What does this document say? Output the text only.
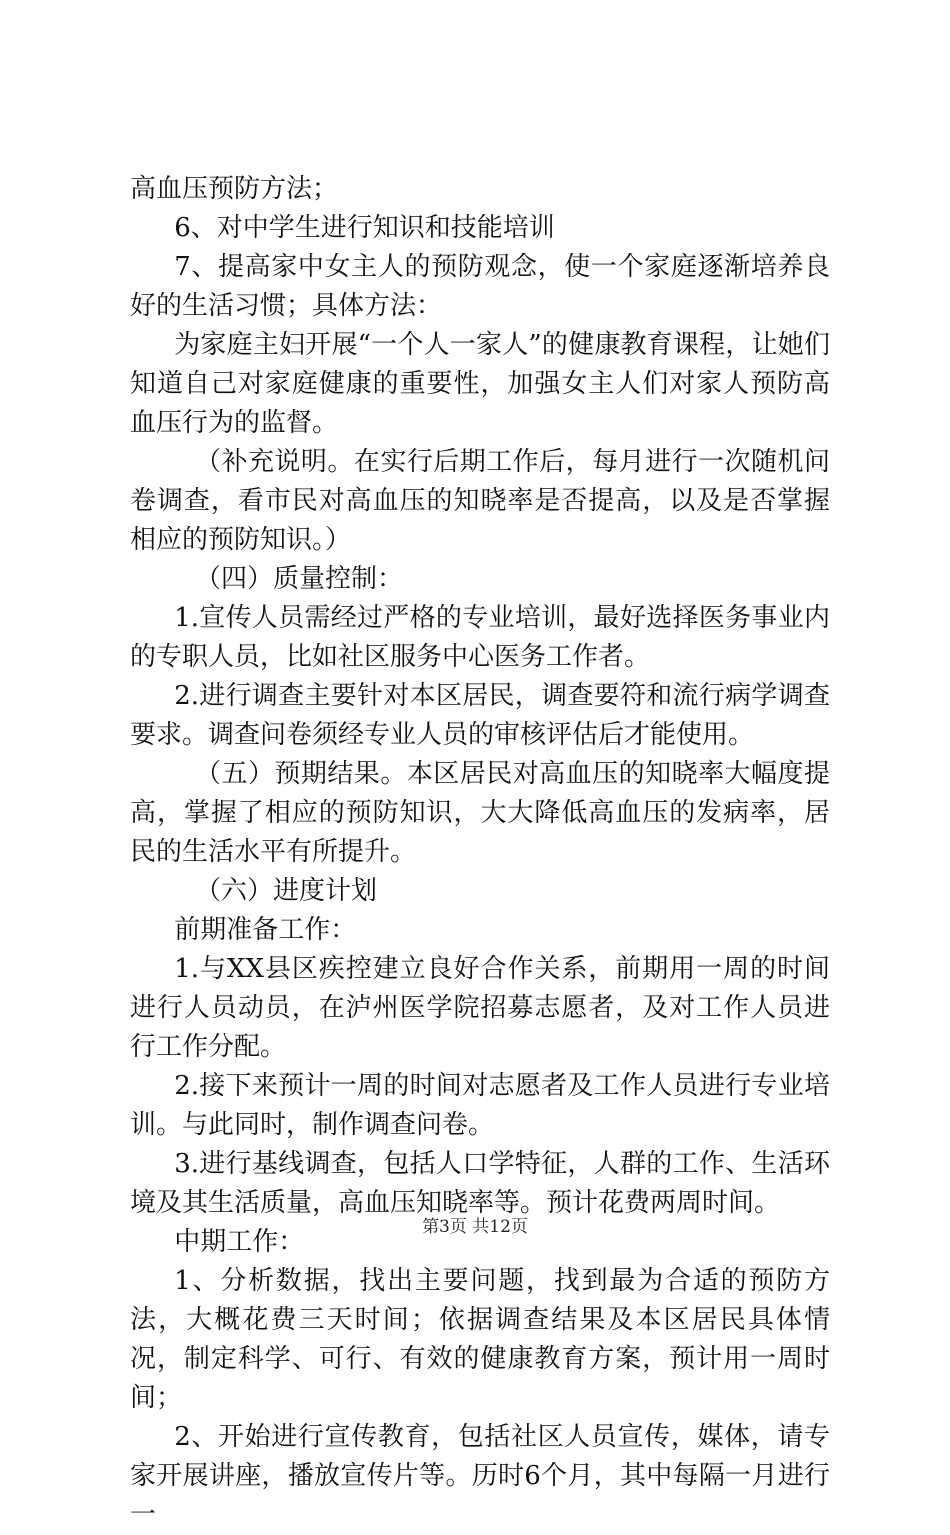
高血压预防方法；

6、对中学生进行知识和技能培训

7、提高家中女主人的预防观念，使一个家庭逐渐培养良好的生活习惯；具体方法：

为家庭主妇开展“一个人一家人”的健康教育课程，让她们知道自己对家庭健康的重要性，加强女主人们对家人预防高血压行为的监督。

（补充说明。在实行后期工作后，每月进行一次随机问卷调查，看市民对高血压的知晓率是否提高，以及是否掌握相应的预防知识。）

（四）质量控制：

1.宣传人员需经过严格的专业培训，最好选择医务事业内的专职人员，比如社区服务中心医务工作者。

2.进行调查主要针对本区居民，调查要符和流行病学调查要求。调查问卷须经专业人员的审核评估后才能使用。

（五）预期结果。本区居民对高血压的知晓率大幅度提高，掌握了相应的预防知识，大大降低高血压的发病率，居民的生活水平有所提升。

（六）进度计划

前期准备工作：

1.与XX县区疾控建立良好合作关系，前期用一周的时间进行人员动员，在泸州医学院招募志愿者，及对工作人员进行工作分配。

2.接下来预计一周的时间对志愿者及工作人员进行专业培训。与此同时，制作调查问卷。

3.进行基线调查，包括人口学特征，人群的工作、生活环境及其生活质量，高血压知晓率等。预计花费两周时间。

中期工作：

1、分析数据，找出主要问题，找到最为合适的预防方法，大概花费三天时间；依据调查结果及本区居民具体情况，制定科学、可行、有效的健康教育方案，预计用一周时间；

2、开始进行宣传教育，包括社区人员宣传，媒体，请专家开展讲座，播放宣传片等。历时6个月，其中每隔一月进行一

第3页 共12页
